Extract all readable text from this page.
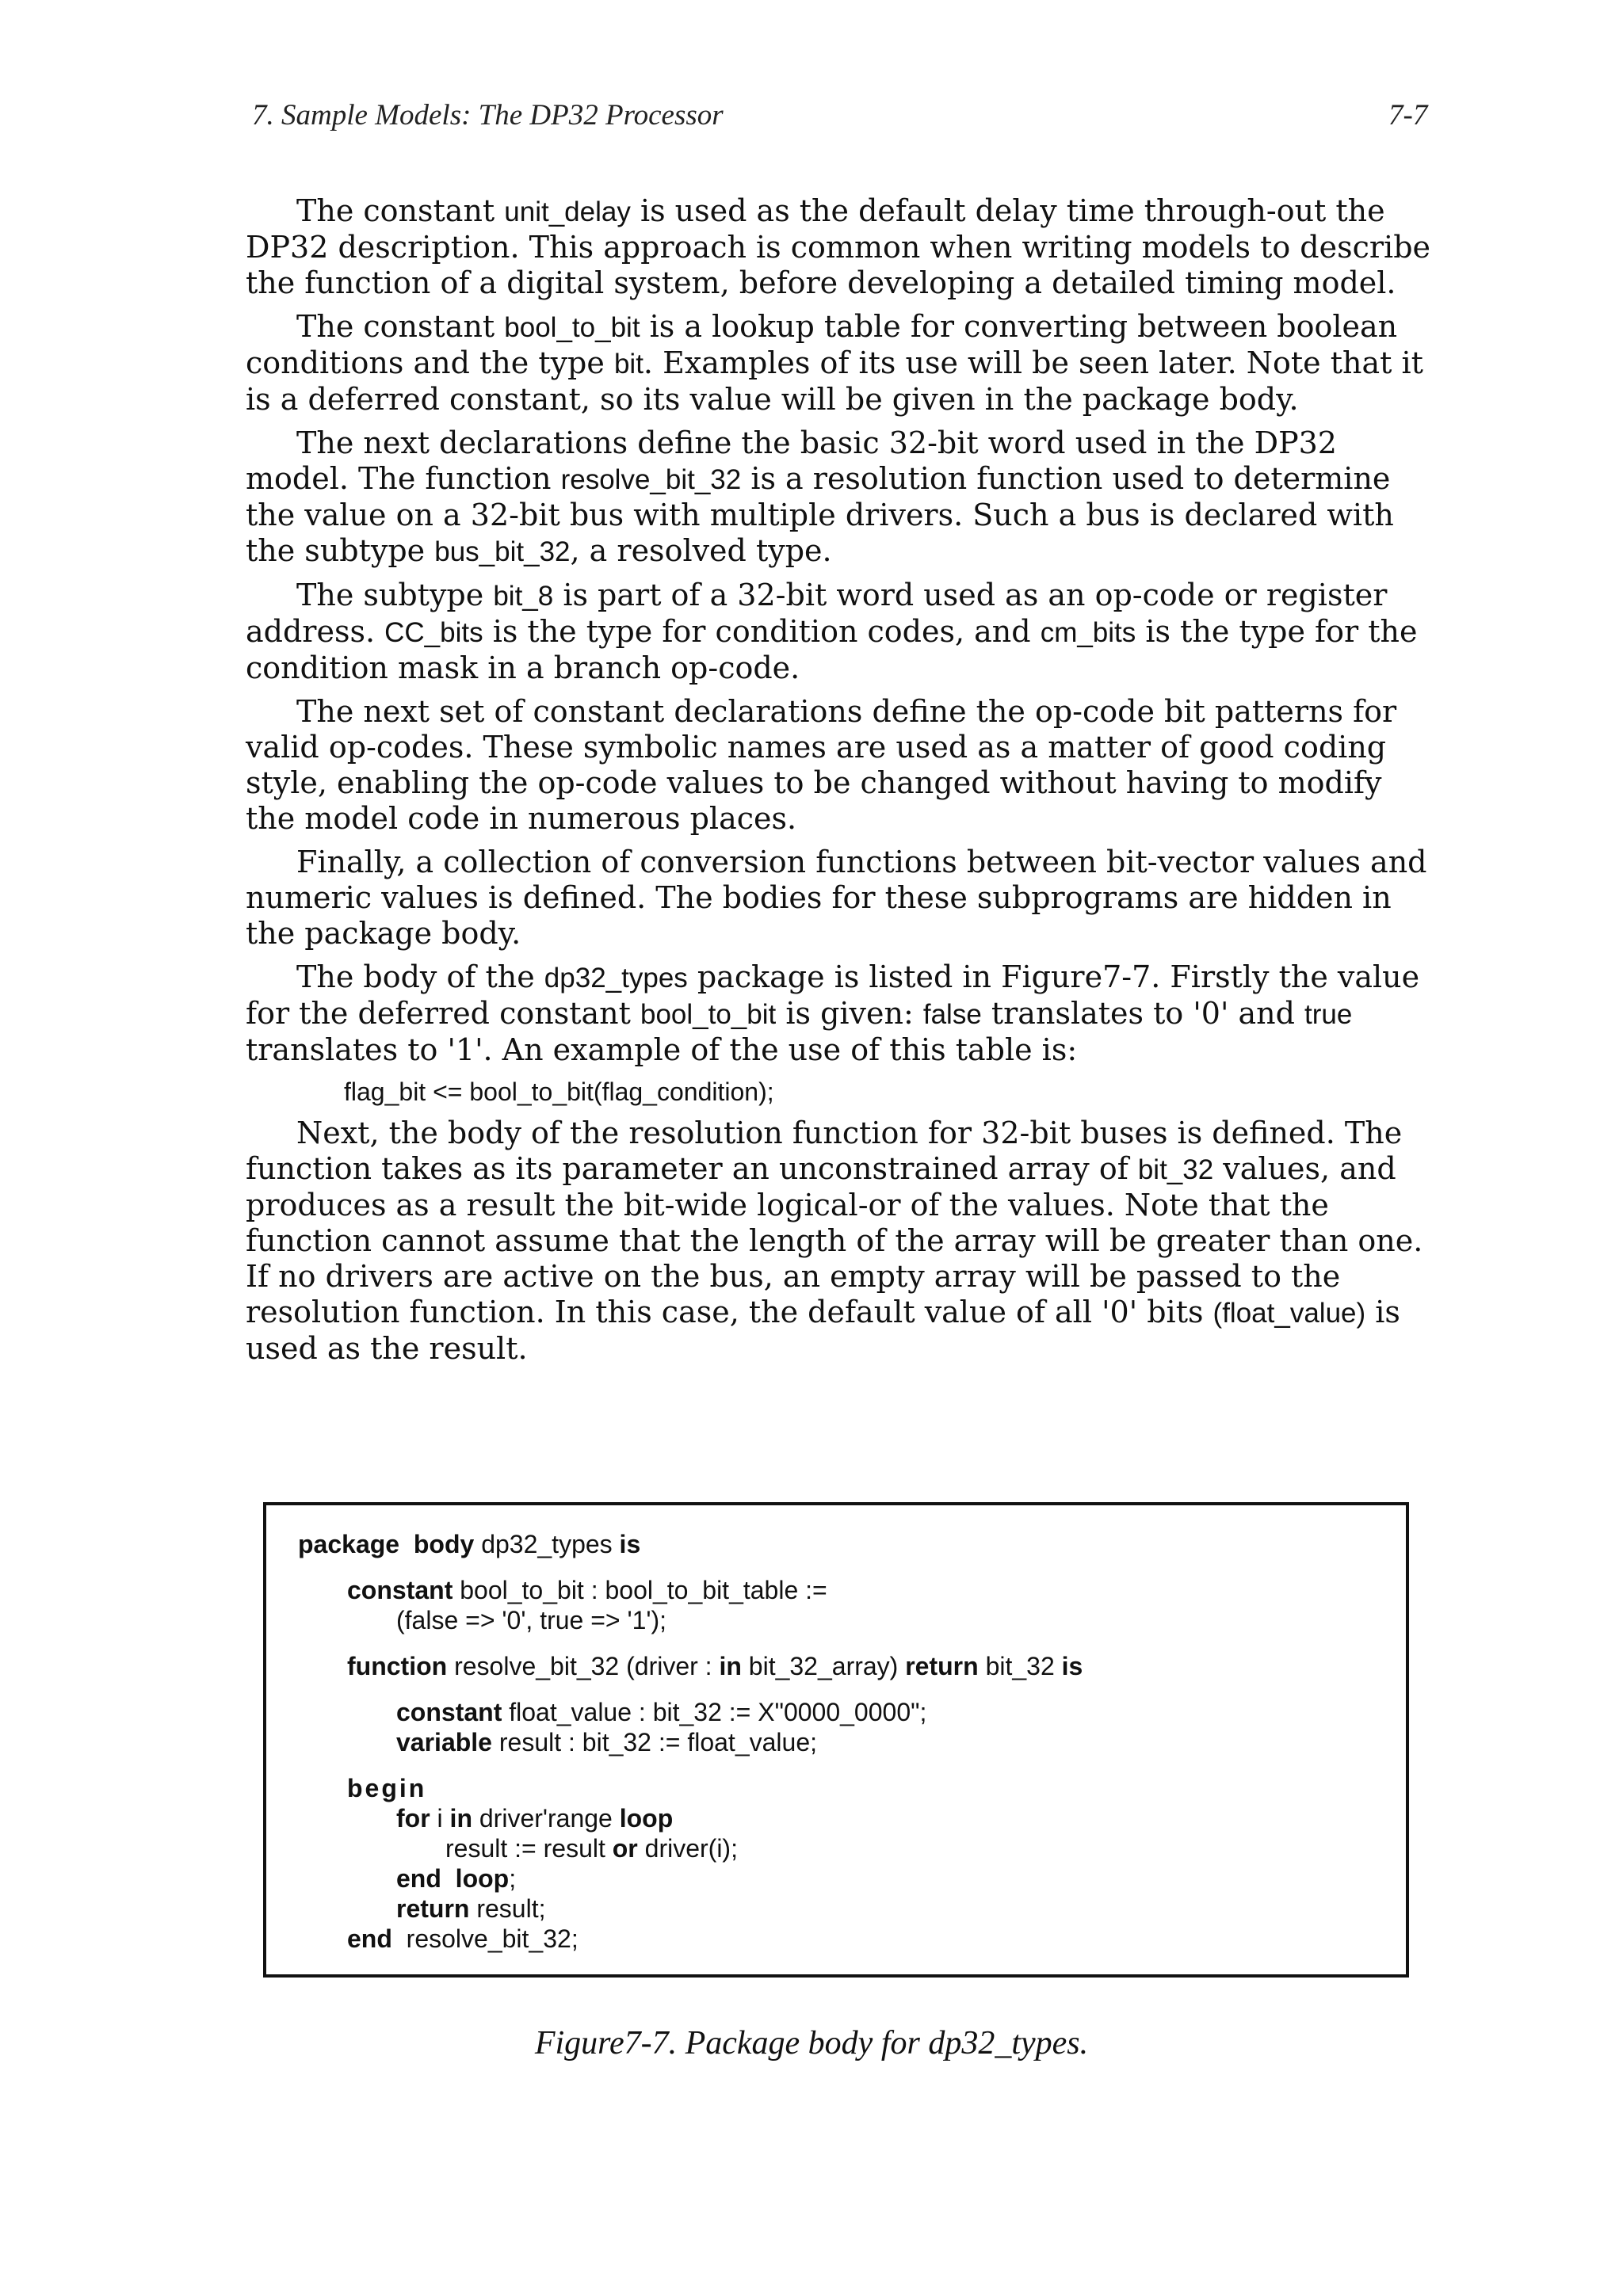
7. Sample Models: The DP32 Processor	7-7

The constant unit_delay is used as the default delay time through-out the DP32 description. This approach is common when writing models to describe the function of a digital system, before developing a detailed timing model.

The constant bool_to_bit is a lookup table for converting between boolean conditions and the type bit. Examples of its use will be seen later. Note that it is a deferred constant, so its value will be given in the package body.

The next declarations define the basic 32-bit word used in the DP32 model. The function resolve_bit_32 is a resolution function used to determine the value on a 32-bit bus with multiple drivers. Such a bus is declared with the subtype bus_bit_32, a resolved type.

The subtype bit_8 is part of a 32-bit word used as an op-code or register address. CC_bits is the type for condition codes, and cm_bits is the type for the condition mask in a branch op-code.

The next set of constant declarations define the op-code bit patterns for valid op-codes. These symbolic names are used as a matter of good coding style, enabling the op-code values to be changed without having to modify the model code in numerous places.

Finally, a collection of conversion functions between bit-vector values and numeric values is defined. The bodies for these subprograms are hidden in the package body.

The body of the dp32_types package is listed in Figure7-7. Firstly the value for the deferred constant bool_to_bit is given: false translates to '0' and true translates to '1'. An example of the use of this table is:

flag_bit <= bool_to_bit(flag_condition);

Next, the body of the resolution function for 32-bit buses is defined. The function takes as its parameter an unconstrained array of bit_32 values, and produces as a result the bit-wide logical-or of the values. Note that the function cannot assume that the length of the array will be greater than one. If no drivers are active on the bus, an empty array will be passed to the resolution function. In this case, the default value of all '0' bits (float_value) is used as the result.

package  body dp32_types is
constant bool_to_bit : bool_to_bit_table :=
(false => '0', true => '1');
function resolve_bit_32 (driver : in bit_32_array) return bit_32 is
constant float_value : bit_32 := X"0000_0000";
variable result : bit_32 := float_value;
begin
for i in driver'range loop
result := result or driver(i);
end  loop;
return result;
end  resolve_bit_32;
Figure7-7. Package body for dp32_types.
